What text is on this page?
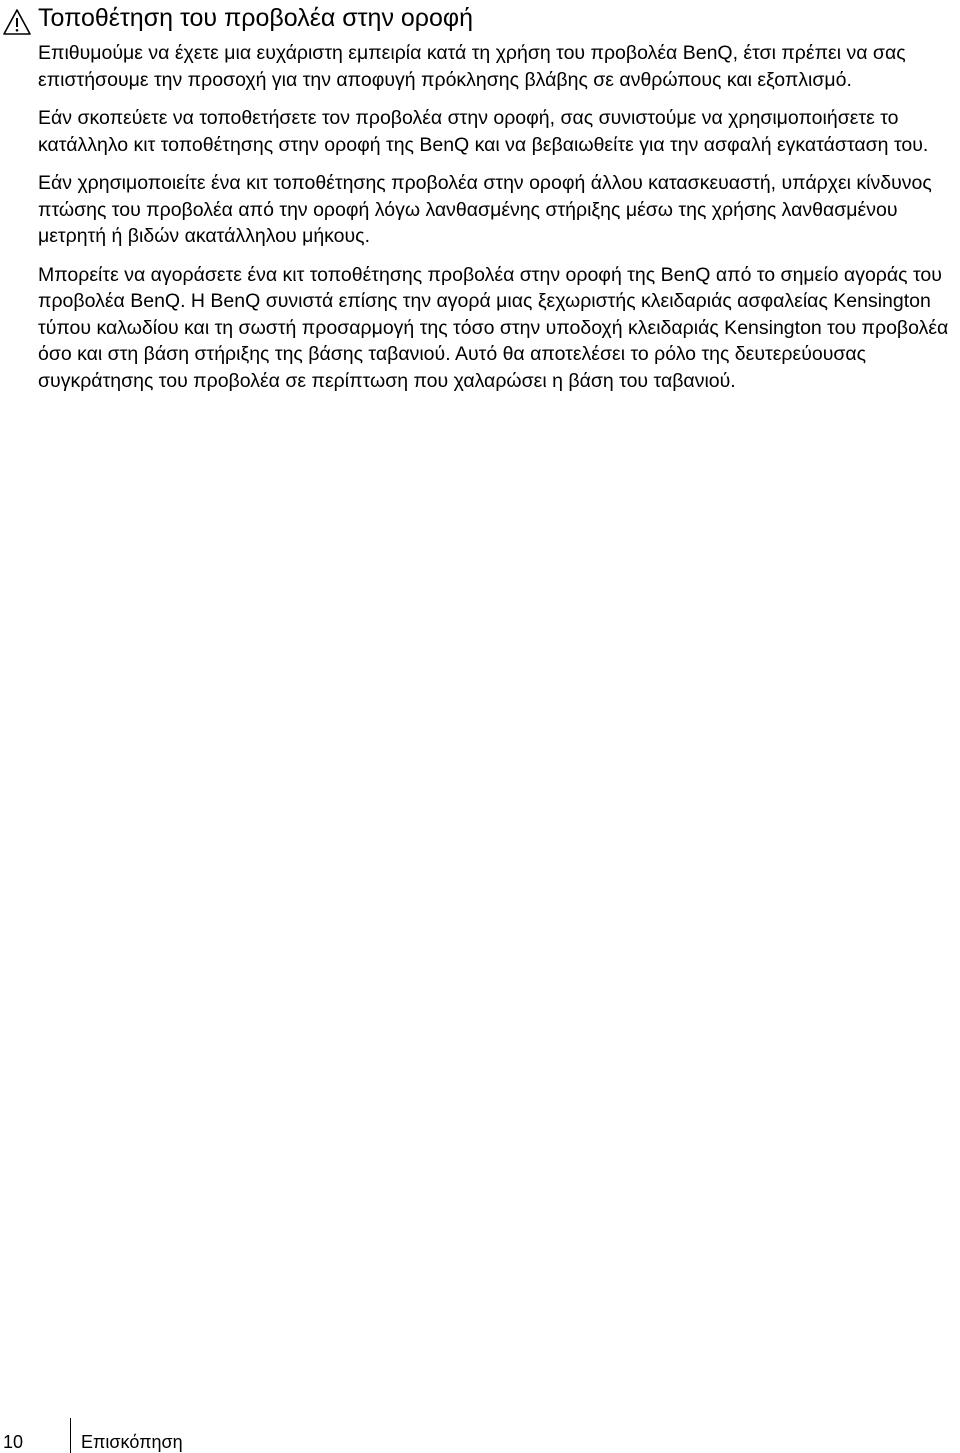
Τοποθέτηση του προβολέα στην οροφή

Επιθυμούμε να έχετε μια ευχάριστη εμπειρία κατά τη χρήση του προβολέα BenQ, έτσι πρέπει να σας επιστήσουμε την προσοχή για την αποφυγή πρόκλησης βλάβης σε ανθρώπους και εξοπλισμό.

Εάν σκοπεύετε να τοποθετήσετε τον προβολέα στην οροφή, σας συνιστούμε να χρησιμοποιήσετε το κατάλληλο κιτ τοποθέτησης στην οροφή της BenQ και να βεβαιωθείτε για την ασφαλή εγκατάσταση του.

Εάν χρησιμοποιείτε ένα κιτ τοποθέτησης προβολέα στην οροφή άλλου κατασκευαστή, υπάρχει κίνδυνος πτώσης του προβολέα από την οροφή λόγω λανθασμένης στήριξης μέσω της χρήσης λανθασμένου μετρητή ή βιδών ακατάλληλου μήκους.

Μπορείτε να αγοράσετε ένα κιτ τοποθέτησης προβολέα στην οροφή της BenQ από το σημείο αγοράς του προβολέα BenQ. Η BenQ συνιστά επίσης την αγορά μιας ξεχωριστής κλειδαριάς ασφαλείας Kensington τύπου καλωδίου και τη σωστή προσαρμογή της τόσο στην υποδοχή κλειδαριάς Kensington του προβολέα όσο και στη βάση στήριξης της βάσης ταβανιού. Αυτό θα αποτελέσει το ρόλο της δευτερεύουσας συγκράτησης του προβολέα σε περίπτωση που χαλαρώσει η βάση του ταβανιού.

10	Επισκόπηση
